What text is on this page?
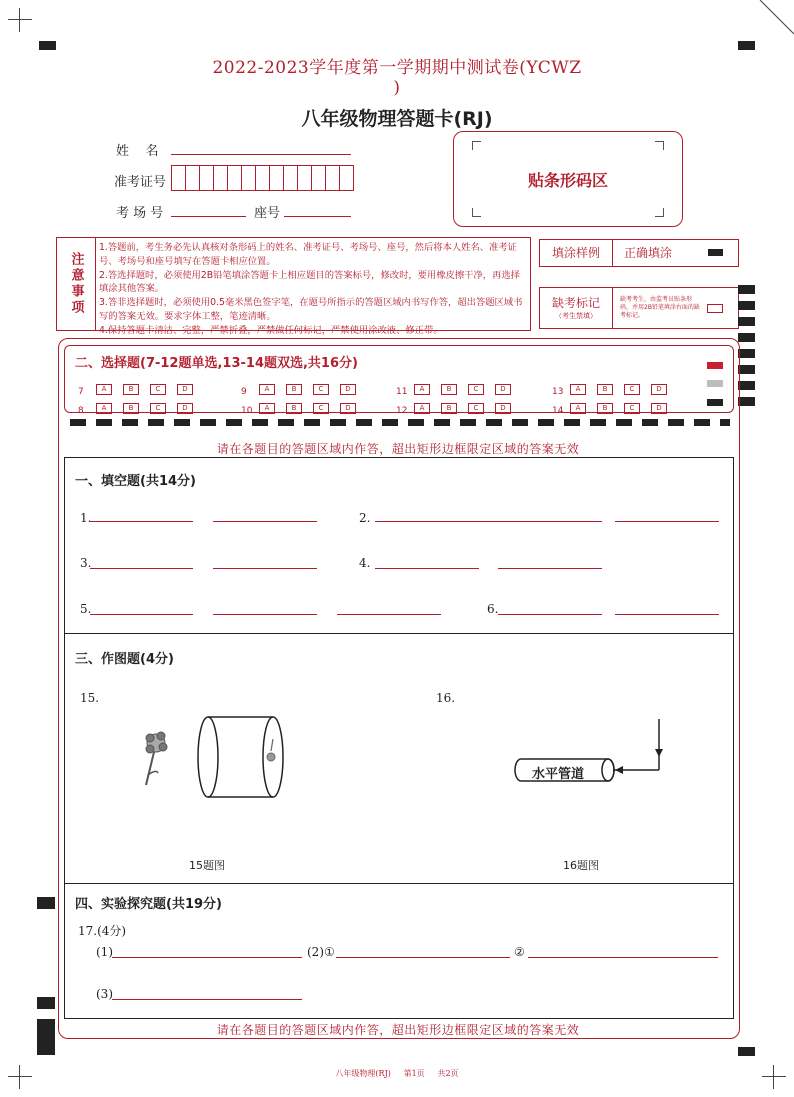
2022-2023学年度第一学期期中测试卷(YCWZ
)
八年级物理答题卡(RJ)
姓    名
准考证号
考 场 号	座号
贴条形码区
注意事项
1.答题前，考生务必先认真核对条形码上的姓名、准考证号、考场号、座号，然后将本人姓名、准考证号、考场号和座号填写在答题卡相应位置。
2.答选择题时，必须使用2B铅笔填涂答题卡上相应题目的答案标号，修改时，要用橡皮擦干净，再选择填涂其他答案。
3.答非选择题时，必须使用0.5毫米黑色签字笔，在题号所指示的答题区域内书写作答，超出答题区域书写的答案无效。要求字体工整，笔迹清晰。
4.保持答题卡清洁、完整，严禁折叠，严禁做任何标记，严禁使用涂改液、修正带。
填涂样例	正确填涂
缺考标记
（考生禁填）
缺考考生，由监考员贴条形码，并用2B铅笔填涂右面的缺考标记。
二、选择题(7-12题单选,13-14题双选,共16分)
7	A	B	C	D	9	A	B	C	D	11 A	B	C	D	13 A	B	C	D
8	A	B	C	D	10 A	B	C	D	12 A	B	C	D	14 A	B	C	D
请在各题目的答题区域内作答，超出矩形边框限定区域的答案无效
一、填空题(共14分)
1.	2.
3.	4.
5.	6.
三、作图题(4分)
15.	16.
水平管道
15题图	16题图
四、实验探究题(共19分)
17.(4分)
(1)	(2)①	②
(3)
请在各题目的答题区域内作答，超出矩形边框限定区域的答案无效
八年级物理(RJ) 第1页 共2页
